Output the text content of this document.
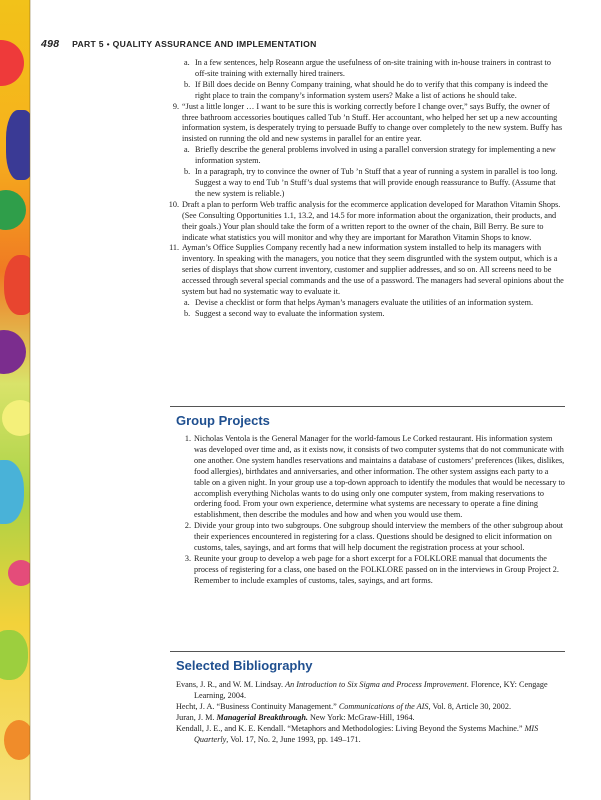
498 PART 5 • QUALITY ASSURANCE AND IMPLEMENTATION

a. In a few sentences, help Roseann argue the usefulness of on-site training with in-house trainers in contrast to off-site training with externally hired trainers.

b. If Bill does decide on Benny Company training, what should he do to verify that this company is indeed the right place to train the company’s information system users? Make a list of actions he should take.

9. “Just a little longer … I want to be sure this is working correctly before I change over,” says Buffy, the owner of three bathroom accessories boutiques called Tub ’n Stuff. Her accountant, who helped her set up a new accounting information system, is desperately trying to persuade Buffy to change over completely to the new system. Buffy has insisted on running the old and new systems in parallel for an entire year.

a. Briefly describe the general problems involved in using a parallel conversion strategy for implementing a new information system.

b. In a paragraph, try to convince the owner of Tub ’n Stuff that a year of running a system in parallel is too long. Suggest a way to end Tub ’n Stuff’s dual systems that will provide enough reassurance to Buffy. (Assume that the new system is reliable.)

10. Draft a plan to perform Web traffic analysis for the ecommerce application developed for Marathon Vitamin Shops. (See Consulting Opportunities 1.1, 13.2, and 14.5 for more information about the organization, their products, and their goals.) Your plan should take the form of a written report to the owner of the chain, Bill Berry. Be sure to indicate what statistics you will monitor and why they are important for Marathon Vitamin Shops to know.
11. Ayman’s Office Supplies Company recently had a new information system installed to help its managers with inventory. In speaking with the managers, you notice that they seem disgruntled with the system output, which is a series of displays that show current inventory, customer and supplier addresses, and so on. All screens need to be accessed through several special commands and the use of a password. The managers had several opinions about the system but had no systematic way to evaluate it.

a. Devise a checklist or form that helps Ayman’s managers evaluate the utilities of an information system.

b. Suggest a second way to evaluate the information system.

Group Projects
1. Nicholas Ventola is the General Manager for the world-famous Le Corked restaurant. His information system was developed over time and, as it exists now, it consists of two computer systems that do not communicate with one another. One system handles reservations and maintains a database of customers’ preferences (likes, dislikes, food allergies), birthdates and anniversaries, and other information. The other system assigns each party to a table on a given night. In your group use a top-down approach to identify the modules that would be necessary to accomplish everything Nicholas wants to do using only one computer system, from making reservations to ordering food. From your own experience, determine what systems are necessary to operate a fine dining establishment, then describe the modules and how and when you would use them.
2. Divide your group into two subgroups. One subgroup should interview the members of the other subgroup about their experiences encountered in registering for a class. Questions should be designed to elicit information on customs, tales, sayings, and art forms that will help document the registration process at your school.
3. Reunite your group to develop a web page for a short excerpt for a FOLKLORE manual that documents the process of registering for a class, one based on the FOLKLORE passed on in the interviews in Group Project 2. Remember to include examples of customs, tales, sayings, and art forms.
Selected Bibliography

Evans, J. R., and W. M. Lindsay. An Introduction to Six Sigma and Process Improvement. Florence, KY: Cengage Learning, 2004.

Hecht, J. A. “Business Continuity Management.” Communications of the AIS, Vol. 8, Article 30, 2002.

Juran, J. M. Managerial Breakthrough. New York: McGraw-Hill, 1964.

Kendall, J. E., and K. E. Kendall. “Metaphors and Methodologies: Living Beyond the Systems Machine.” MIS Quarterly, Vol. 17, No. 2, June 1993, pp. 149–171.
